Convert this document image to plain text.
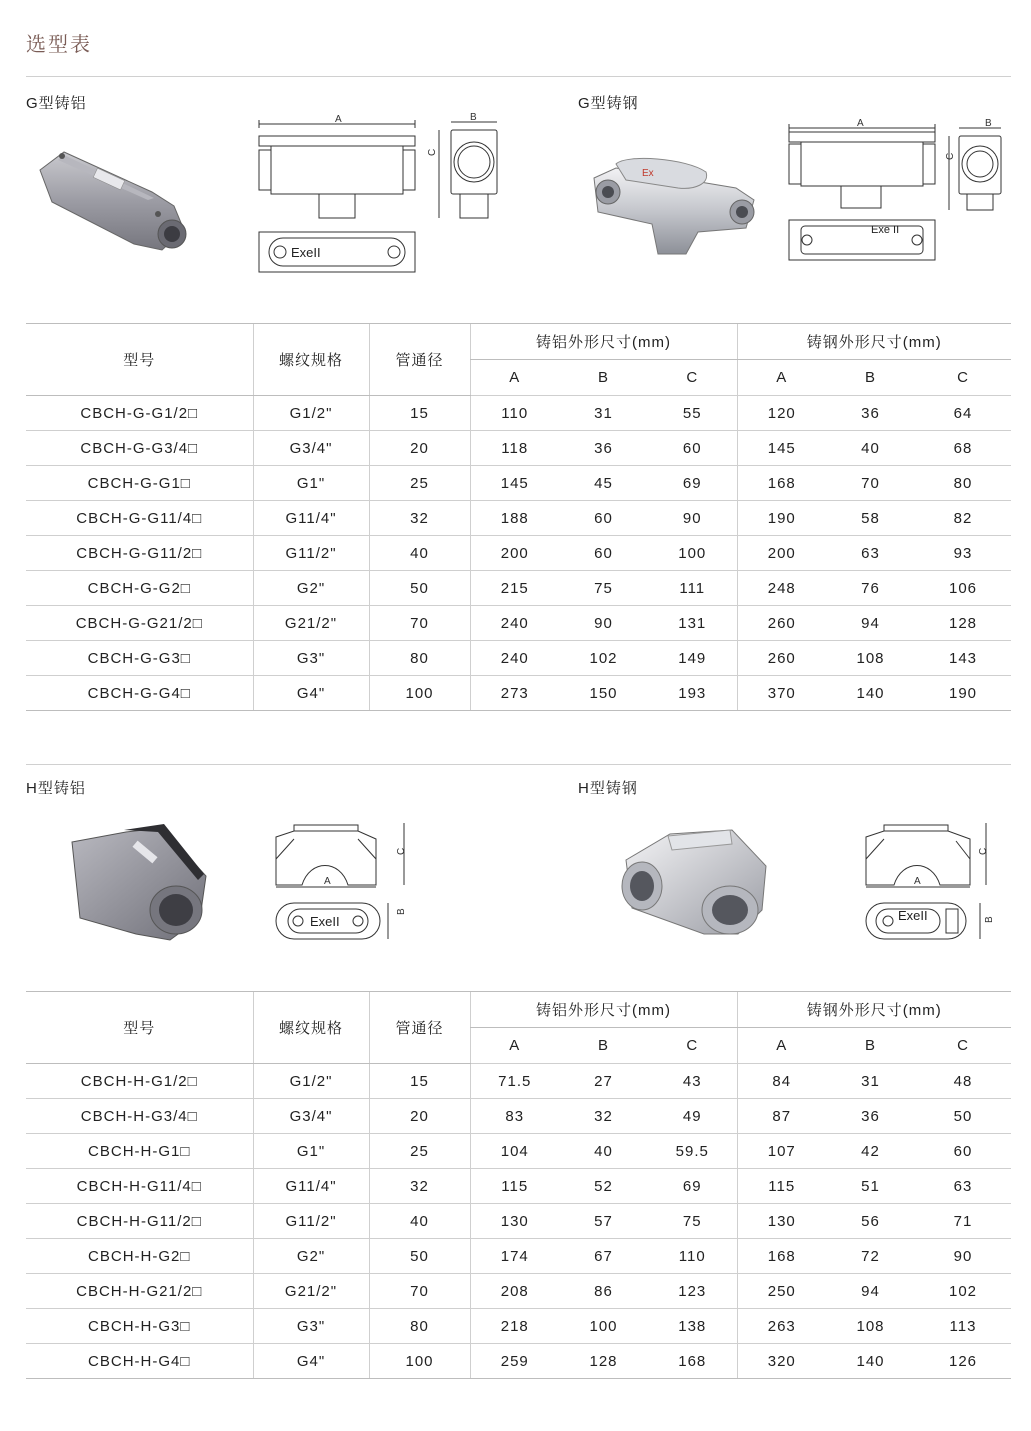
选型表
G型铸铝	G型铸钢
A	B
C
ExeII
Ex
A	B
C
Exe II
型号	螺纹规格	管通径	铸铝外形尺寸(mm)			铸钢外形尺寸(mm)		
			A	B	C	A	B	C
CBCH-G-G1/2□	G1/2"	15	110	31	55	120	36	64
CBCH-G-G3/4□	G3/4"	20	118	36	60	145	40	68
CBCH-G-G1□	G1"	25	145	45	69	168	70	80
CBCH-G-G11/4□	G11/4"	32	188	60	90	190	58	82
CBCH-G-G11/2□	G11/2"	40	200	60	100	200	63	93
CBCH-G-G2□	G2"	50	215	75	111	248	76	106
CBCH-G-G21/2□	G21/2"	70	240	90	131	260	94	128
CBCH-G-G3□	G3"	80	240	102	149	260	108	143
CBCH-G-G4□	G4"	100	273	150	193	370	140	190
H型铸铝	H型铸钢
A
C
B
ExeII
A
C
B
ExeII
型号	螺纹规格	管通径	铸铝外形尺寸(mm)			铸钢外形尺寸(mm)		
			A	B	C	A	B	C
CBCH-H-G1/2□	G1/2"	15	71.5	27	43	84	31	48
CBCH-H-G3/4□	G3/4"	20	83	32	49	87	36	50
CBCH-H-G1□	G1"	25	104	40	59.5	107	42	60
CBCH-H-G11/4□	G11/4"	32	115	52	69	115	51	63
CBCH-H-G11/2□	G11/2"	40	130	57	75	130	56	71
CBCH-H-G2□	G2"	50	174	67	110	168	72	90
CBCH-H-G21/2□	G21/2"	70	208	86	123	250	94	102
CBCH-H-G3□	G3"	80	218	100	138	263	108	113
CBCH-H-G4□	G4"	100	259	128	168	320	140	126
